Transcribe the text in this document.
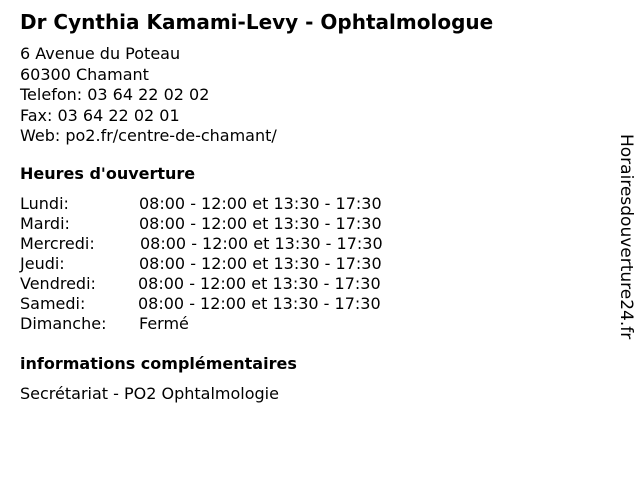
Dr Cynthia Kamami-Levy - Ophtalmologue
6 Avenue du Poteau
60300 Chamant
Telefon: 03 64 22 02 02
Fax: 03 64 22 02 01
Web: po2.fr/centre-de-chamant/
Heures d'ouverture
Lundi:	08:00 - 12:00 et 13:30 - 17:30
Mardi:	08:00 - 12:00 et 13:30 - 17:30
Mercredi:	08:00 - 12:00 et 13:30 - 17:30
Jeudi:	08:00 - 12:00 et 13:30 - 17:30
Vendredi:	08:00 - 12:00 et 13:30 - 17:30
Samedi:	08:00 - 12:00 et 13:30 - 17:30
Dimanche: Fermé
informations complémentaires
Secrétariat - PO2 Ophtalmologie
Horairesdouverture24.fr
